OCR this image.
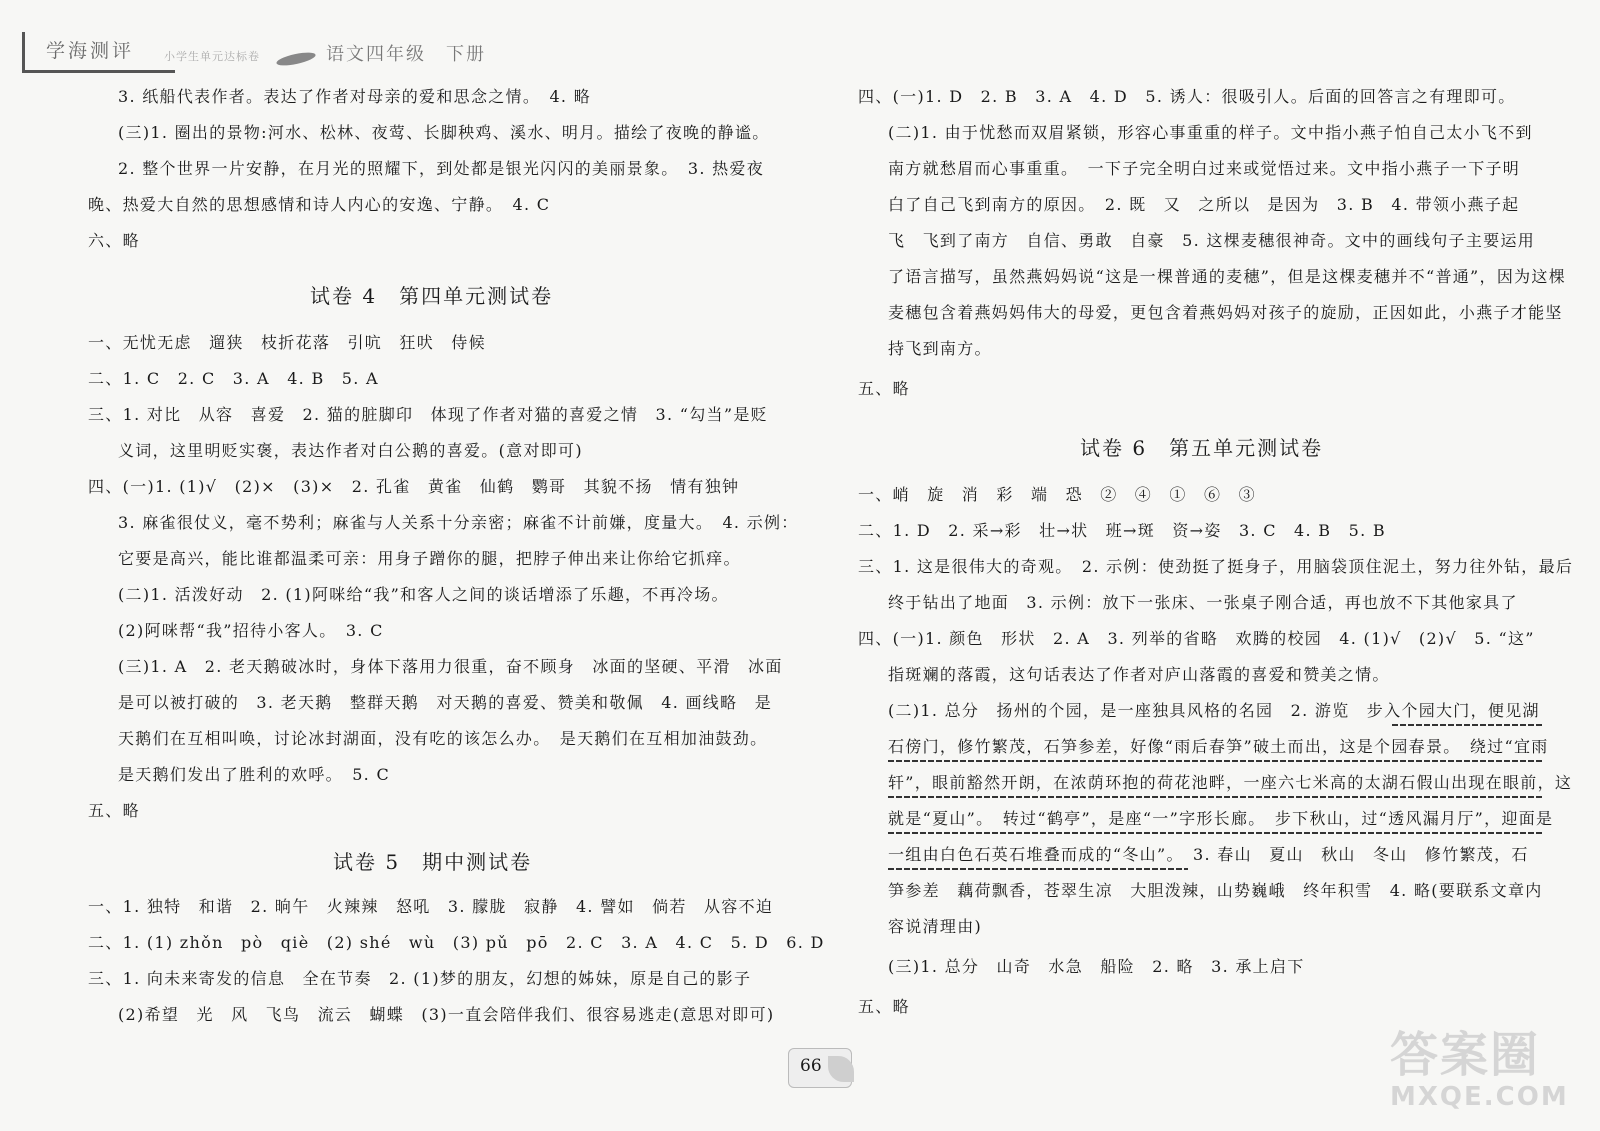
学海测评	小学生单元达标卷	语文四年级　下册
3. 纸船代表作者。表达了作者对母亲的爱和思念之情。　4. 略
(三)1. 圈出的景物:河水、松林、夜莺、长脚秧鸡、溪水、明月。描绘了夜晚的静谧。
2. 整个世界一片安静，在月光的照耀下，到处都是银光闪闪的美丽景象。　3. 热爱夜
晚、热爱大自然的思想感情和诗人内心的安逸、宁静。　4. C
六、略
试卷 4　第四单元测试卷
一、无忧无虑　遛狭　枝折花落　引吭　狂吠　侍候
二、1. C　2. C　3. A　4. B　5. A
三、1. 对比　从容　喜爱　2. 猫的脏脚印　体现了作者对猫的喜爱之情　3. “勾当”是贬
义词，这里明贬实褒，表达作者对白公鹅的喜爱。(意对即可)
四、(一)1. (1)√　(2)×　(3)×　2. 孔雀　黄雀　仙鹤　鹦哥　其貌不扬　情有独钟
3. 麻雀很仗义，毫不势利；麻雀与人关系十分亲密；麻雀不计前嫌，度量大。　4. 示例：
它要是高兴，能比谁都温柔可亲：用身子蹭你的腿，把脖子伸出来让你给它抓痒。
(二)1. 活泼好动　2. (1)阿咪给“我”和客人之间的谈话增添了乐趣，不再冷场。
(2)阿咪帮“我”招待小客人。　3. C
(三)1. A　2. 老天鹅破冰时，身体下落用力很重，奋不顾身　冰面的坚硬、平滑　冰面
是可以被打破的　3. 老天鹅　整群天鹅　对天鹅的喜爱、赞美和敬佩　4. 画线略　是
天鹅们在互相叫唤，讨论冰封湖面，没有吃的该怎么办。　是天鹅们在互相加油鼓劲。
是天鹅们发出了胜利的欢呼。　5. C
五、略
试卷 5　期中测试卷
一、1. 独特　和谐　2. 晌午　火辣辣　怒吼　3. 朦胧　寂静　4. 譬如　倘若　从容不迫
二、1. (1) zhǒn　pò　qiè　(2) shé　wù　(3) pǔ　pō　2. C　3. A　4. C　5. D　6. D
三、1. 向未来寄发的信息　全在节奏　2. (1)梦的朋友，幻想的姊妹，原是自己的影子
(2)希望　光　风　飞鸟　流云　蝴蝶　(3)一直会陪伴我们、很容易逃走(意思对即可)
四、(一)1. D　2. B　3. A　4. D　5. 诱人：很吸引人。后面的回答言之有理即可。
(二)1. 由于忧愁而双眉紧锁，形容心事重重的样子。文中指小燕子怕自己太小飞不到
南方就愁眉而心事重重。　一下子完全明白过来或觉悟过来。文中指小燕子一下子明
白了自己飞到南方的原因。　2. 既　又　之所以　是因为　3. B　4. 带领小燕子起
飞　飞到了南方　自信、勇敢　自豪　5. 这棵麦穗很神奇。文中的画线句子主要运用
了语言描写，虽然燕妈妈说“这是一棵普通的麦穗”，但是这棵麦穗并不“普通”，因为这棵
麦穗包含着燕妈妈伟大的母爱，更包含着燕妈妈对孩子的旋励，正因如此，小燕子才能坚
持飞到南方。
五、略
试卷 6　第五单元测试卷
一、峭　旋　消　彩　端　恐　②　④　①　⑥　③
二、1. D　2. 采→彩　壮→状　班→斑　资→姿　3. C　4. B　5. B
三、1. 这是很伟大的奇观。　2. 示例：使劲挺了挺身子，用脑袋顶住泥土，努力往外钻，最后
终于钻出了地面　3. 示例：放下一张床、一张桌子刚合适，再也放不下其他家具了
四、(一)1. 颜色　形状　2. A　3. 列举的省略　欢腾的校园　4. (1)√　(2)√　5. “这”
指斑斓的落霞，这句话表达了作者对庐山落霞的喜爱和赞美之情。
(二)1. 总分　扬州的个园，是一座独具风格的名园　2. 游览　步入个园大门，便见湖
石傍门，修竹繁茂，石笋参差，好像“雨后春笋”破土而出，这是个园春景。　绕过“宜雨
轩”，眼前豁然开朗，在浓荫环抱的荷花池畔，一座六七米高的太湖石假山出现在眼前，这
就是“夏山”。　转过“鹤亭”，是座“一”字形长廊。　步下秋山，过“透风漏月厅”，迎面是
一组由白色石英石堆叠而成的“冬山”。　3. 春山　夏山　秋山　冬山　修竹繁茂，石
笋参差　藕荷飘香，苍翠生凉　大胆泼辣，山势巍峨　终年积雪　4. 略(要联系文章内
容说清理由)
(三)1. 总分　山奇　水急　船险　2. 略　3. 承上启下
五、略
66	答案圈
MXQE.COM
